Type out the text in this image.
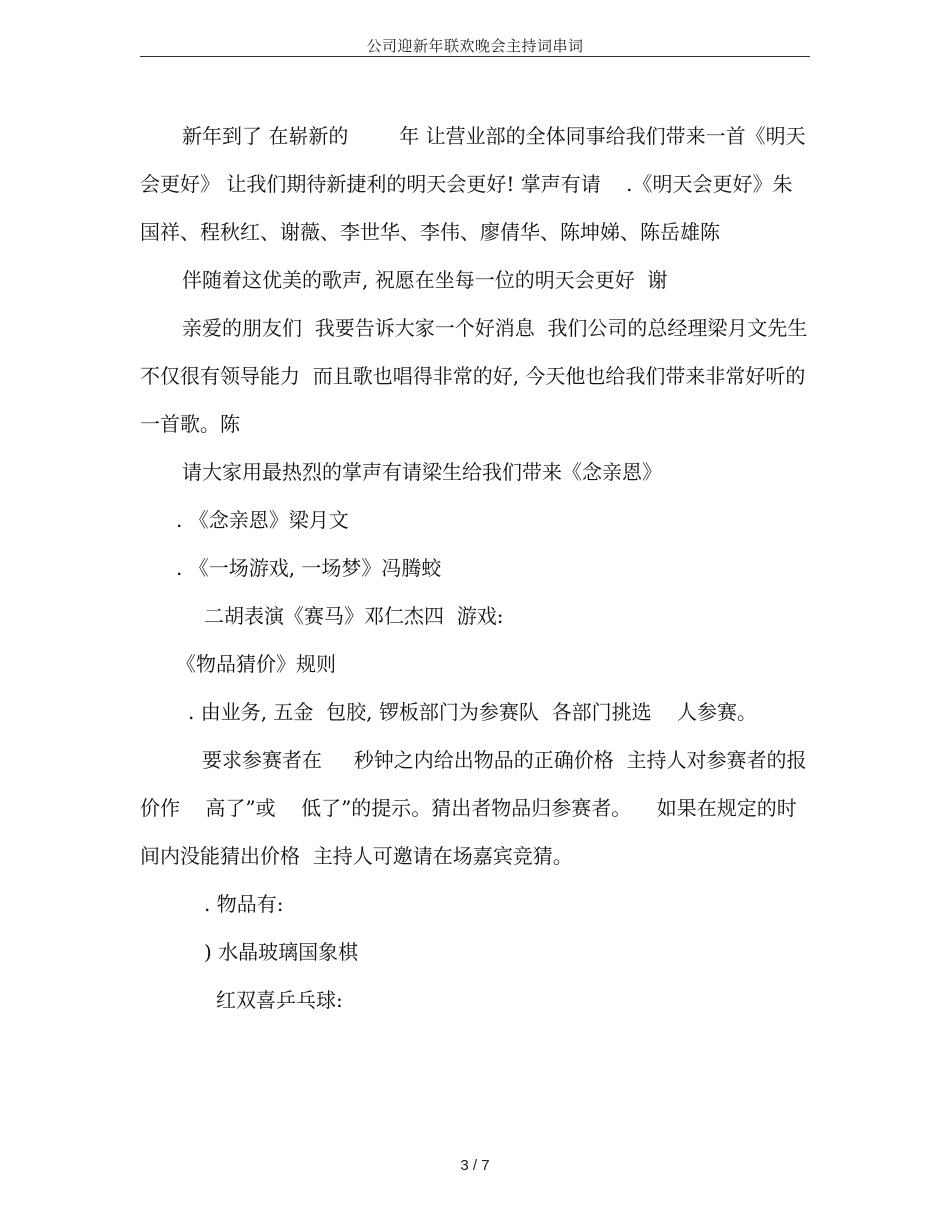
公司迎新年联欢晚会主持词串词

新年到了 在崭新的        年 让营业部的全体同事给我们带来一首《明天会更好》 让我们期待新捷利的明天会更好! 掌声有请    .《明天会更好》朱国祥、程秋红、谢薇、李世华、李伟、廖倩华、陈坤娣、陈岳雄陈

伴随着这优美的歌声, 祝愿在坐每一位的明天会更好  谢

亲爱的朋友们  我要告诉大家一个好消息  我们公司的总经理梁月文先生不仅很有领导能力  而且歌也唱得非常的好, 今天他也给我们带来非常好听的一首歌。陈

请大家用最热烈的掌声有请梁生给我们带来《念亲恩》

. 《念亲恩》梁月文

. 《一场游戏, 一场梦》冯腾蛟

二胡表演《赛马》邓仁杰四  游戏:

《物品猜价》规则

. 由业务, 五金  包胶, 锣板部门为参赛队  各部门挑选    人参赛。

要求参赛者在     秒钟之内给出物品的正确价格  主持人对参赛者的报价作    高了”或    低了”的提示。猜出者物品归参赛者。    如果在规定的时间内没能猜出价格  主持人可邀请在场嘉宾竞猜。

. 物品有:

) 水晶玻璃国象棋

红双喜乒乓球:

3 / 7
